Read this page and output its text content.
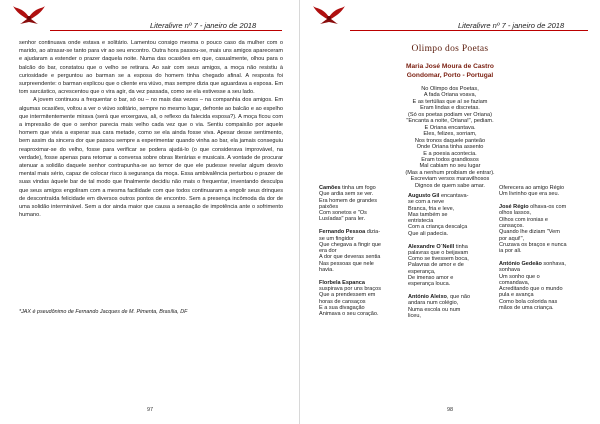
Literalivre nº 7 - janeiro de 2018

senhor continuava onde estava e solitário. Lamentou consigo mesma o pouco caso da mulher com o marido, ao atrasar-se tanto para vir ao seu encontro. Outra hora passou-se, mais uns amigos apareceram e ajudaram a estender o prazer daquela noite. Numa das ocasiões em que, casualmente, olhou para o balcão do bar, constatou que o velho se retirara. Ao sair com seus amigos, a moça não resistiu à curiosidade e perguntou ao barman se a esposa do homem tinha chegado afinal. A resposta foi surpreendente: o barman explicou que o cliente era viúvo, mas sempre dizia que aguardava a esposa. Em tom sarcástico, acrescentou que o vira agir, da vez passada, como se ela estivesse a seu lado.

A jovem continuou a frequentar o bar, só ou – no mais das vezes – na companhia dos amigos. Em algumas ocasiões, voltou a ver o viúvo solitário, sempre no mesmo lugar, defronte ao balcão e ao espelho que intermitentemente mirava (será que enxergava, ali, o reflexo da falecida esposa?). A moça ficou com a impressão de que o senhor parecia mais velho cada vez que o via. Sentiu compaixão por aquele homem que vivia a esperar sua cara metade, como se ela ainda fosse viva. Apesar desse sentimento, bem assim da sincera dor que passou sempre a experimentar quando vinha ao bar, ela jamais conseguiu reaproximar-se do velho, fosse para verificar se podera ajudá-lo (o que considerava improvável, na verdade), fosse apenas para retomar a conversa sobre obras literárias e musicais. A vontade de procurar atenuar a solidão daquele senhor contrapunha-se ao temor de que ele pudesse revelar algum desvio mental mais sério, capaz de colocar risco à segurança da moça. Essa ambivalência perturbou o prazer de suas vindas àquele bar de tal modo que finalmente decidiu não mais o frequentar, inventando desculpa que seus amigos engoliram com a mesma facilidade com que todos continuaram a engolir seus drinques de descontraída felicidade em diversos outros pontos de encontro. Sem a presença incômoda da dor de uma solidão interminável. Sem a dor ainda maior que causa a sensação de impotência ante o sofrimento humano.

*JAX é pseudônimo de Fernando Jacques de M. Pimenta, Brasília, DF
97
Literalivre nº 7 - janeiro de 2018
Olimpo dos Poetas
Maria José Moura de Castro
Gondomar, Porto - Portugal
No Olimpo dos Poetas,
A fada Oriana voava,
E as tertúlias que aí se faziam
Eram lindas e discretas.
(Só os poetas podiam ver Oriana)
"Encanta a noite, Oriana!", pediam.
E Oriana encantava.
Eles, felizes, sorriam,
Nos tronos daquele panteão
Onde Oriana tinha assento
E a poesia acontecia.
Eram todos grandiosos
Mal cabiam no seu lugar
(Mas a nenhum proibiam de entrar).
Escreviam versos maravilhosos
Dignos de quem sabe amar.
Camões tinha um fogo
Que ardia sem se ver.
Era homem de grandes
paixões
Com sonetos e "Os
Lusíadas" para ler.
Fernando Pessoa dizia-
se um fingidor
Que chegava a fingir que
era dor
A dor que deveras sentia
Nas pessoas que nele
havia.
Florbela Espanca
suspirava por uns braços
Que a prendessem em
horas de cansaços
E a sua divagação
Animava o seu coração.
Augusto Gil encantava-
se com a neve
Branca, fria e leve,
Mas também se
entristecia
Com a criança descalça
Que ali padecia.
Alexandre O´Neill tinha
palavras que o beijavam
Como se tivessem boca,
Palavras de amor e de
esperança,
De imenso amor e
esperança louca.
António Aleixo, que não
andara num colégio,
Numa escola ou num
liceu,
Oferecera ao amigo Régio
Um livrinho que era seu.
José Régio olhava-os com
olhos lassos,
Olhos com ironias e
cansaços.
Quando lhe diziam "Vem
por aqui!",
Cruzava os braços e nunca
ia por ali.
António Gedeão sonhava,
sonhava
Um sonho que o
comandava,
Acreditando que o mundo
pula e avança
Como bola colorida nas
mãos de uma criança.
98
